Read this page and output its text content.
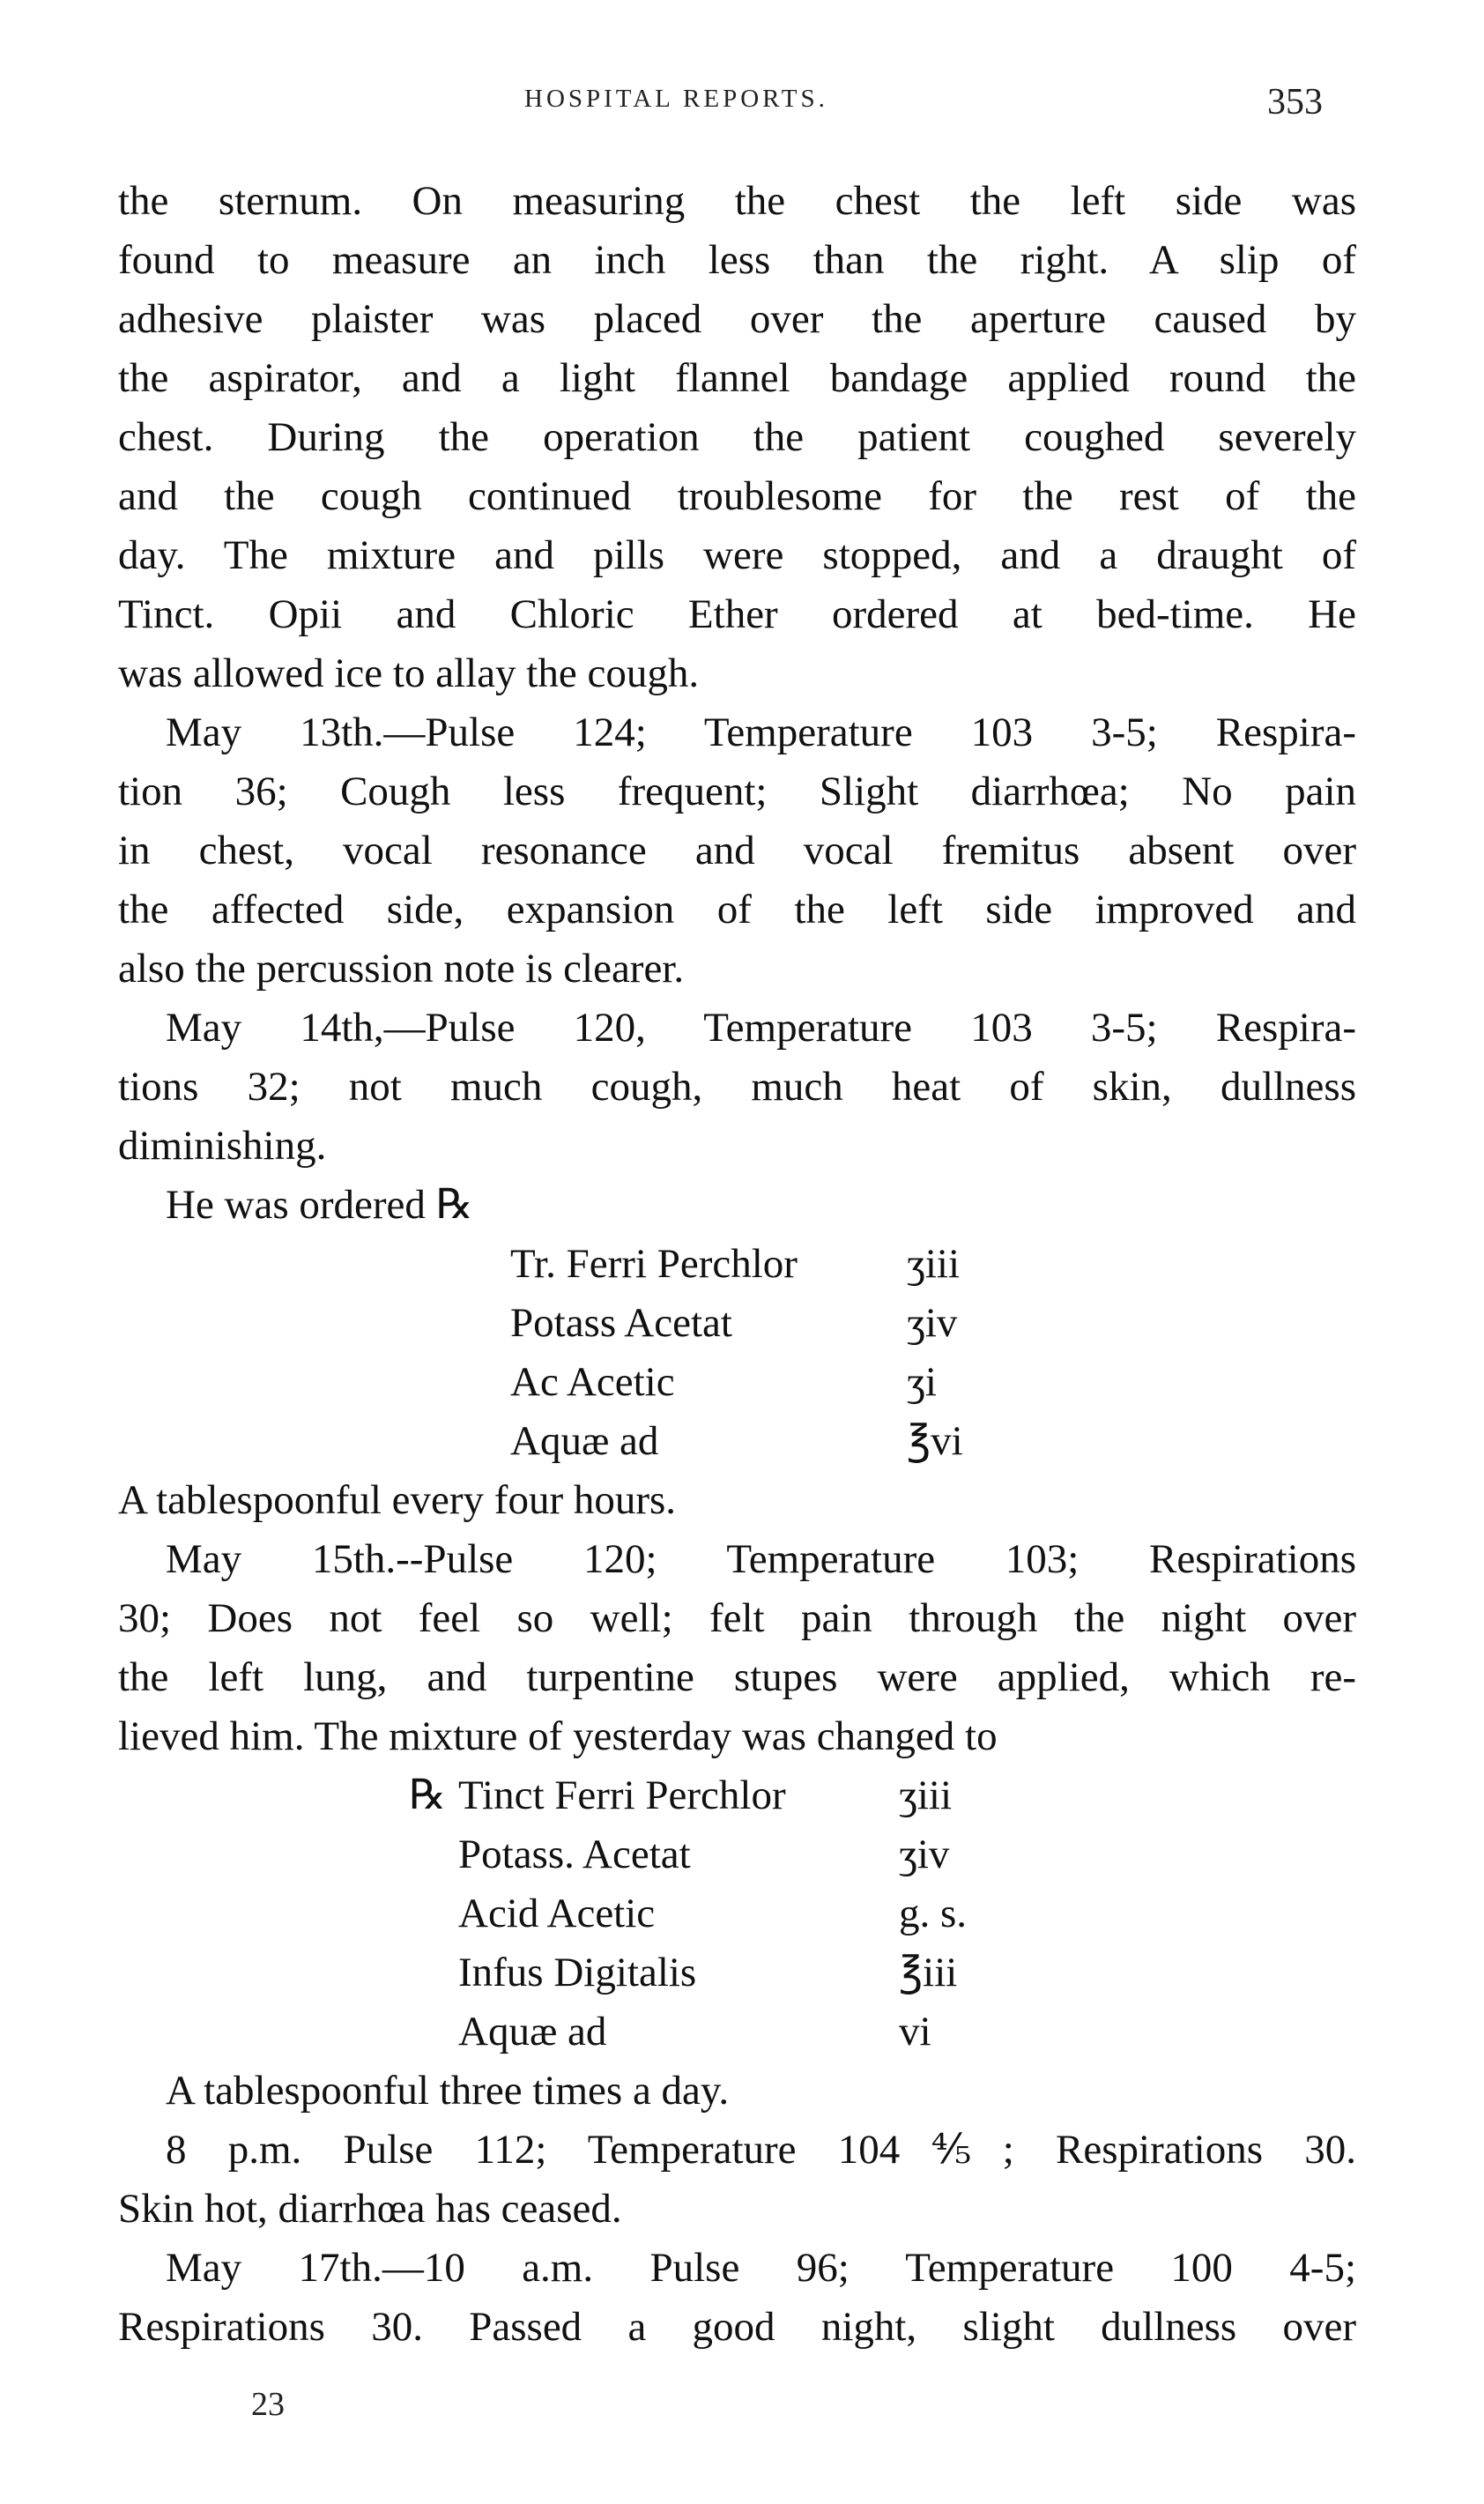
HOSPITAL REPORTS.	353

the sternum. On measuring the chest the left side was
found to measure an inch less than the right. A slip of
adhesive plaister was placed over the aperture caused by
the aspirator, and a light flannel bandage applied round the
chest. During the operation the patient coughed severely
and the cough continued troublesome for the rest of the
day. The mixture and pills were stopped, and a draught of
Tinct. Opii and Chloric Ether ordered at bed-time. He
was allowed ice to allay the cough.

May 13th.—Pulse 124; Temperature 103 3-5; Respira-
tion 36; Cough less frequent; Slight diarrhœa; No pain
in chest, vocal resonance and vocal fremitus absent over
the affected side, expansion of the left side improved and
also the percussion note is clearer.

May 14th,—Pulse 120, Temperature 103 3-5; Respira-
tions 32; not much cough, much heat of skin, dullness
diminishing.

He was ordered ℞

Tr. Ferri Perchlor	ʒiii
Potass Acetat	ʒiv
Ac Acetic	ʒi
Aquæ ad	℥vi

A tablespoonful every four hours.

May 15th.--Pulse 120; Temperature 103; Respirations
30; Does not feel so well; felt pain through the night over
the left lung, and turpentine stupes were applied, which re-
lieved him. The mixture of yesterday was changed to

℞ Tinct Ferri Perchlor	ʒiii
Potass. Acetat	ʒiv
Acid Acetic	g. s.
Infus Digitalis	℥iii
Aquæ ad	vi

A tablespoonful three times a day.

8 p.m. Pulse 112; Temperature 104⅘; Respirations 30.
Skin hot, diarrhœa has ceased.

May 17th.—10 a.m. Pulse 96; Temperature 100 4-5;
Respirations 30. Passed a good night, slight dullness over

23
